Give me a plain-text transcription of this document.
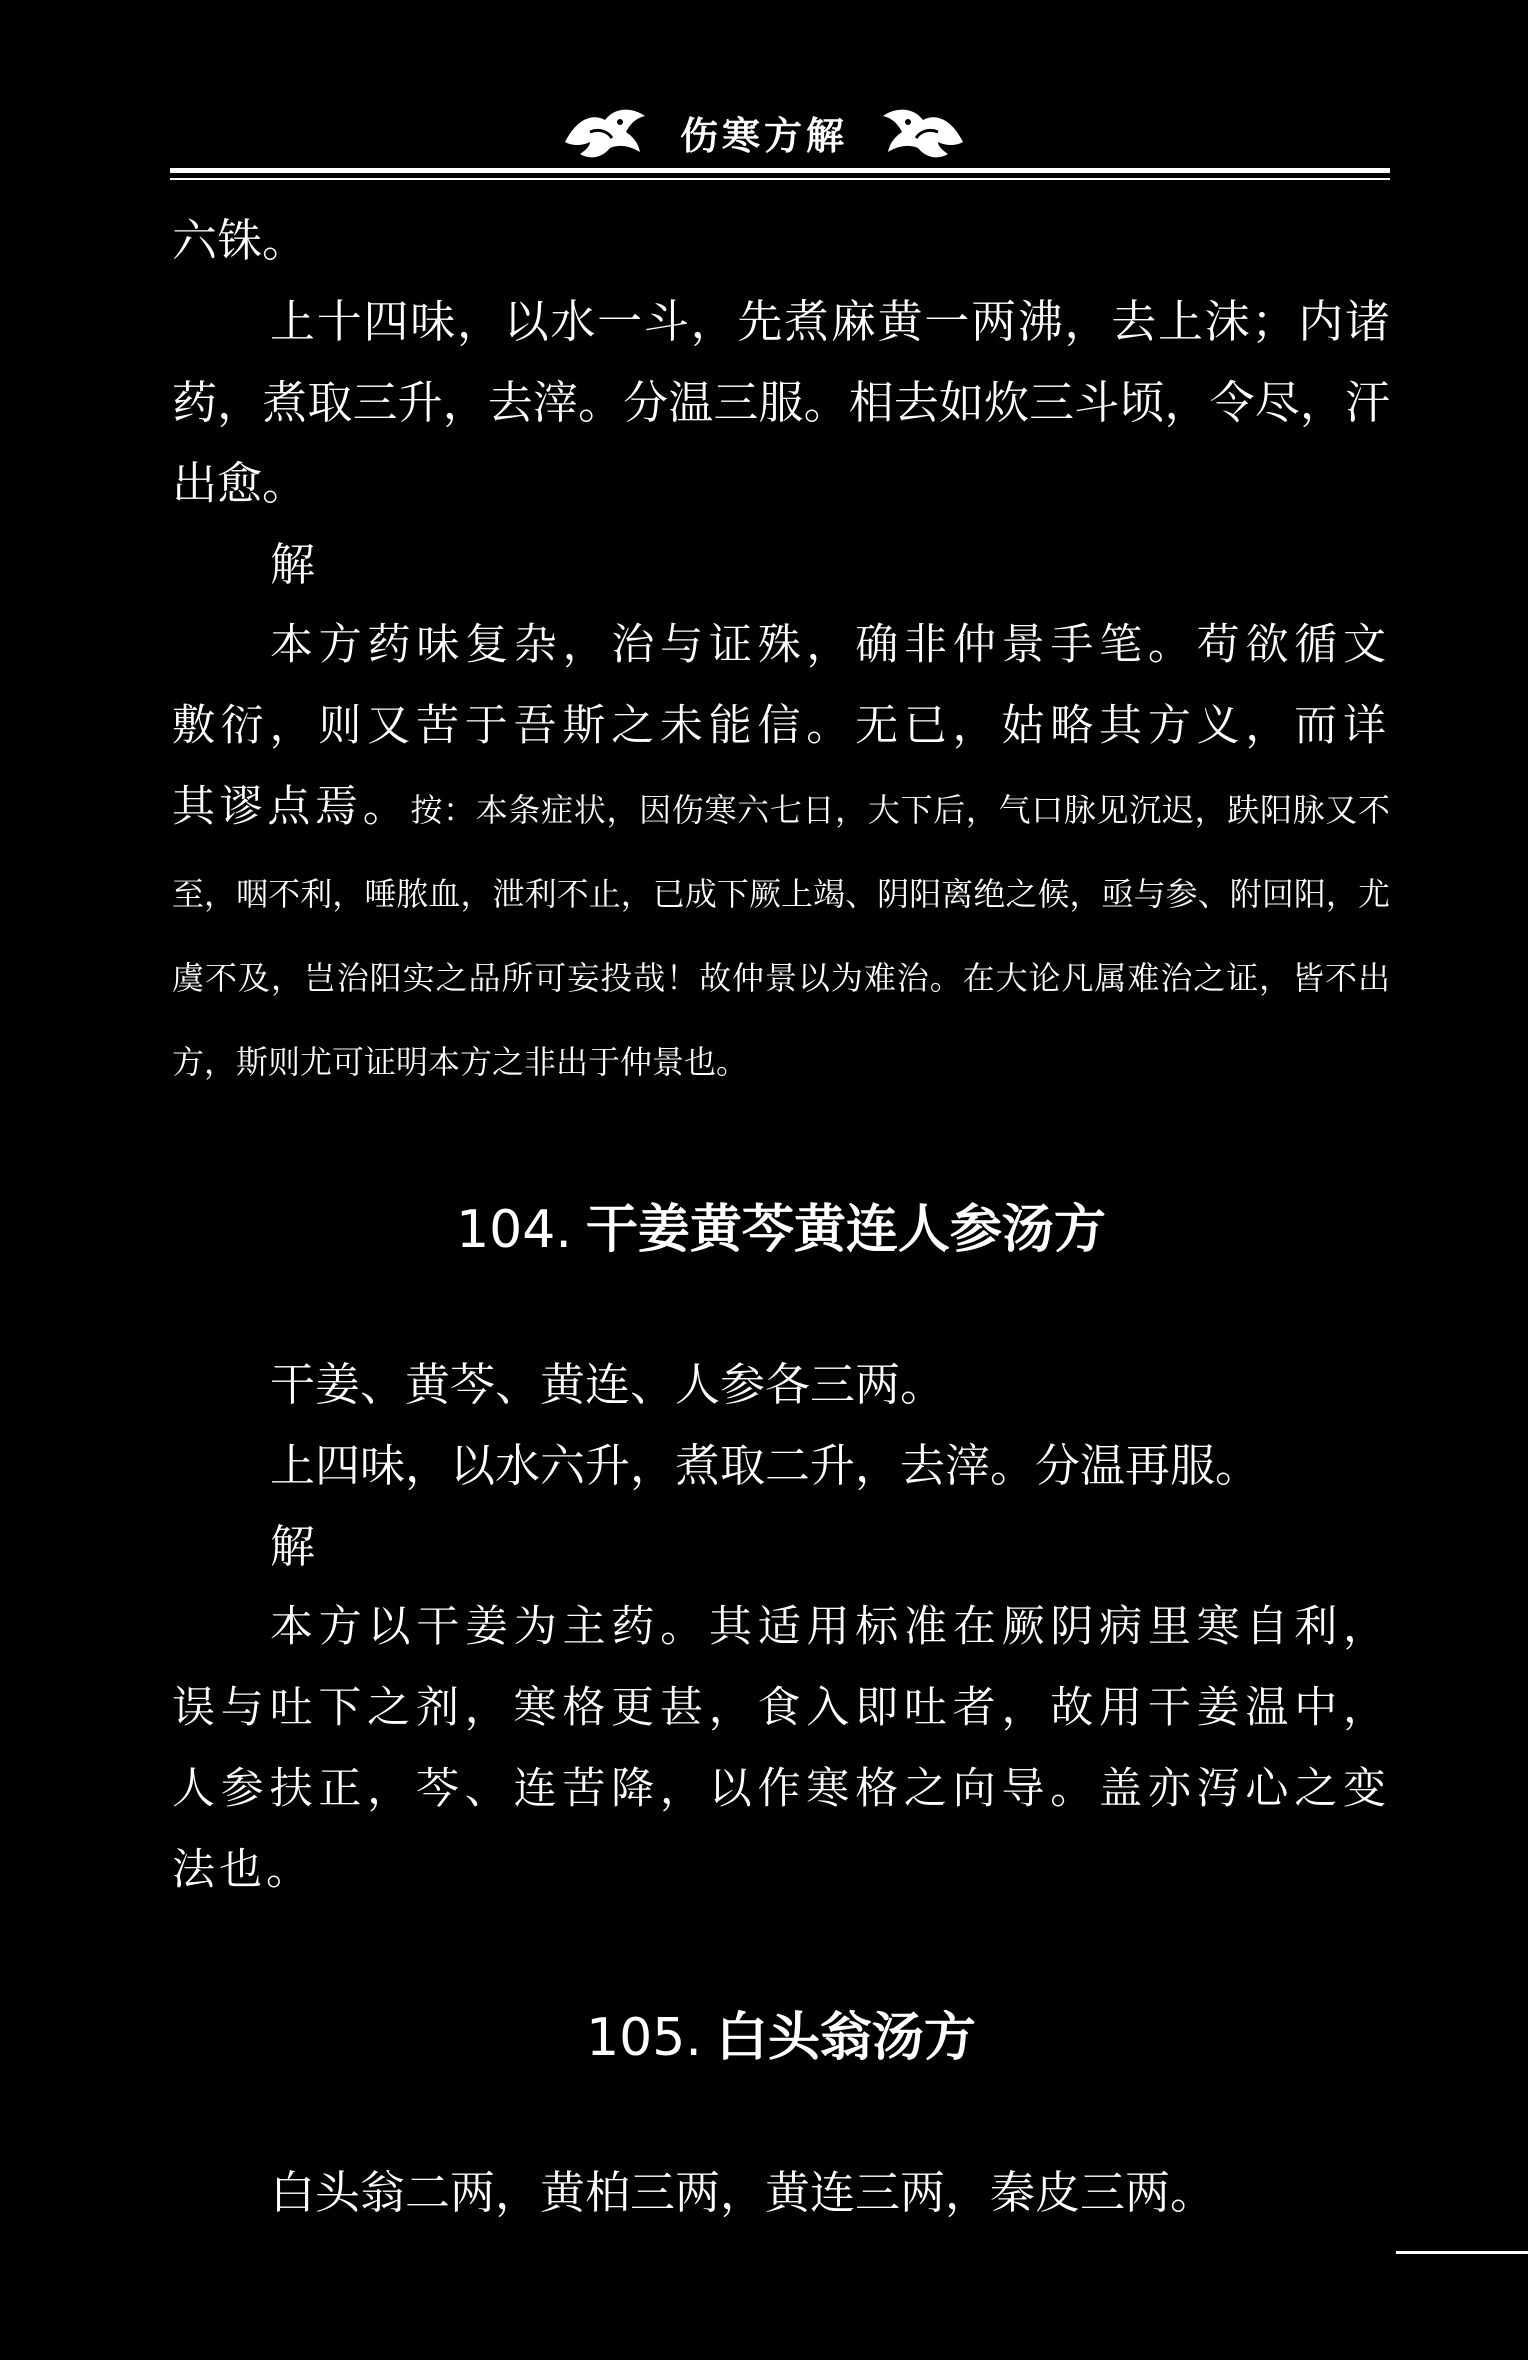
伤寒方解

六铢。

上十四味，以水一斗，先煮麻黄一两沸，去上沫；内诸药，煮取三升，去滓。分温三服。相去如炊三斗顷，令尽，汗出愈。

解

本方药味复杂，治与证殊，确非仲景手笔。苟欲循文敷衍，则又苦于吾斯之未能信。无已，姑略其方义，而详其谬点焉。按：本条症状，因伤寒六七日，大下后，气口脉见沉迟，趺阳脉又不至，咽不利，唾脓血，泄利不止，已成下厥上竭、阴阳离绝之候，亟与参、附回阳，尤虞不及，岂治阳实之品所可妄投哉！故仲景以为难治。在大论凡属难治之证，皆不出方，斯则尤可证明本方之非出于仲景也。

104. 干姜黄芩黄连人参汤方

干姜、黄芩、黄连、人参各三两。

上四味，以水六升，煮取二升，去滓。分温再服。

解

本方以干姜为主药。其适用标准在厥阴病里寒自利，误与吐下之剂，寒格更甚，食入即吐者，故用干姜温中，人参扶正，芩、连苦降，以作寒格之向导。盖亦泻心之变法也。

105. 白头翁汤方

白头翁二两，黄柏三两，黄连三两，秦皮三两。
